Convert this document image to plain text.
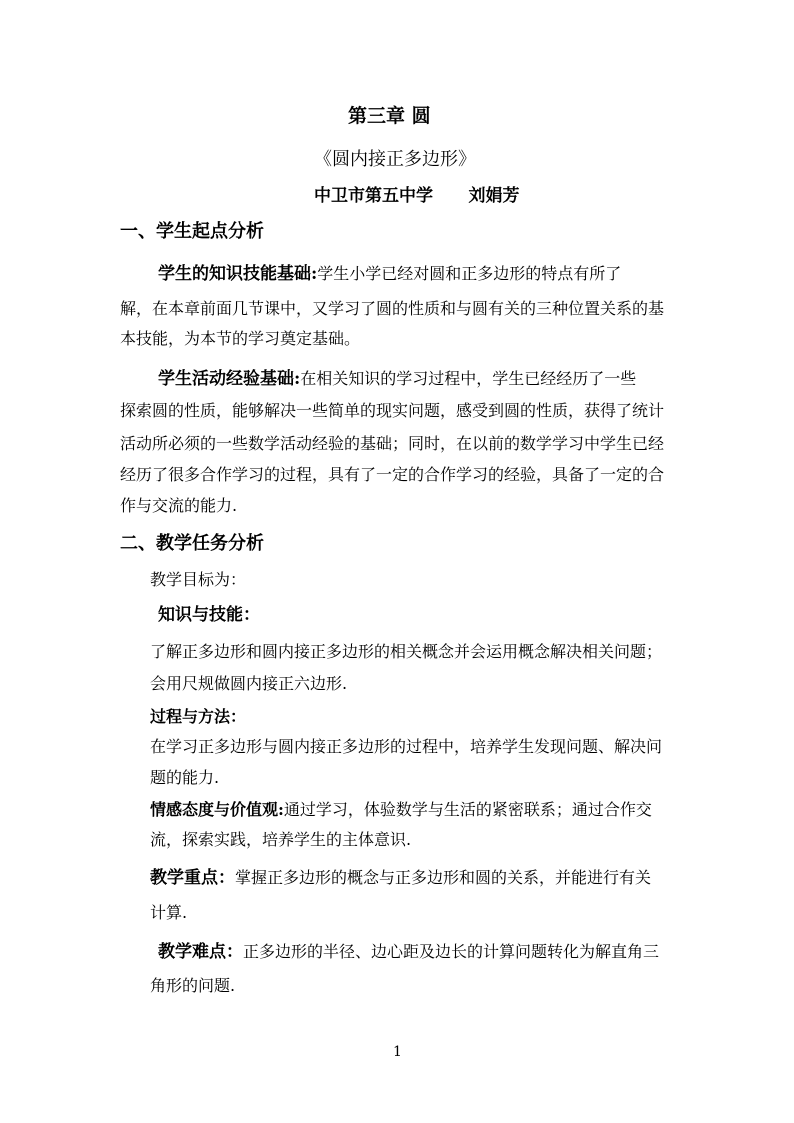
第三章 圆
《圆内接正多边形》
中卫市第五中学      刘娟芳
一、学生起点分析
学生的知识技能基础:学生小学已经对圆和正多边形的特点有所了
解，在本章前面几节课中，又学习了圆的性质和与圆有关的三种位置关系的基
本技能，为本节的学习奠定基础。
学生活动经验基础:在相关知识的学习过程中，学生已经经历了一些
探索圆的性质，能够解决一些简单的现实问题，感受到圆的性质，获得了统计
活动所必须的一些数学活动经验的基础；同时，在以前的数学学习中学生已经
经历了很多合作学习的过程，具有了一定的合作学习的经验，具备了一定的合
作与交流的能力.
二、教学任务分析
教学目标为：
知识与技能：
了解正多边形和圆内接正多边形的相关概念并会运用概念解决相关问题；
会用尺规做圆内接正六边形.
过程与方法：
在学习正多边形与圆内接正多边形的过程中，培养学生发现问题、解决问
题的能力.
情感态度与价值观:通过学习，体验数学与生活的紧密联系；通过合作交
流，探索实践，培养学生的主体意识.
教学重点：掌握正多边形的概念与正多边形和圆的关系，并能进行有关
计算.
教学难点：正多边形的半径、边心距及边长的计算问题转化为解直角三
角形的问题.
1
